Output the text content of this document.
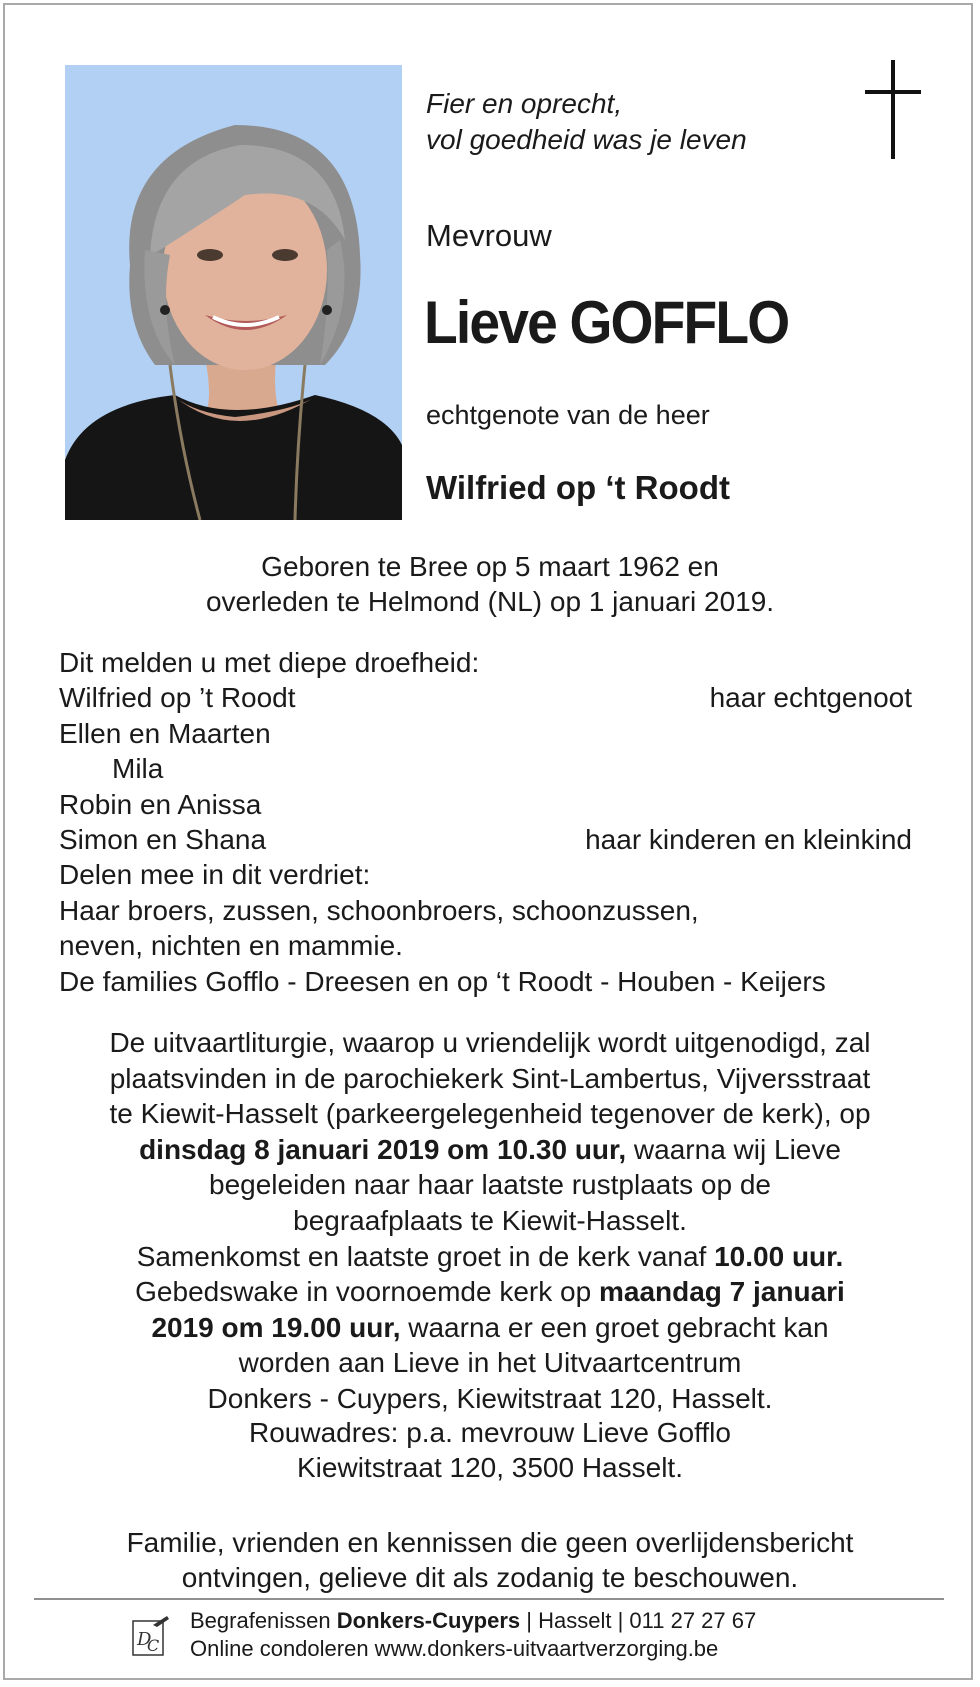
Fier en oprecht,
vol goedheid was je leven
Mevrouw
Lieve GOFFLO
echtgenote van de heer
Wilfried op ‘t Roodt
Geboren te Bree op 5 maart 1962 en
overleden te Helmond (NL) op 1 januari 2019.
Dit melden u met diepe droefheid:
Wilfried op ’t Roodt	haar echtgenoot
Ellen en Maarten
Mila
Robin en Anissa
Simon en Shana	haar kinderen en kleinkind
Delen mee in dit verdriet:
Haar broers, zussen, schoonbroers, schoonzussen,
neven, nichten en mammie.
De families Gofflo - Dreesen en op ‘t Roodt - Houben - Keijers
De uitvaartliturgie, waarop u vriendelijk wordt uitgenodigd, zal
plaatsvinden in de parochiekerk Sint-Lambertus, Vijversstraat
te Kiewit-Hasselt (parkeergelegenheid tegenover de kerk), op
dinsdag 8 januari 2019 om 10.30 uur, waarna wij Lieve
begeleiden naar haar laatste rustplaats op de
begraafplaats te Kiewit-Hasselt.
Samenkomst en laatste groet in de kerk vanaf 10.00 uur.
Gebedswake in voornoemde kerk op maandag 7 januari
2019 om 19.00 uur, waarna er een groet gebracht kan
worden aan Lieve in het Uitvaartcentrum
Donkers - Cuypers, Kiewitstraat 120, Hasselt.
Rouwadres: p.a. mevrouw Lieve Gofflo
Kiewitstraat 120, 3500 Hasselt.
Familie, vrienden en kennissen die geen overlijdensbericht
ontvingen, gelieve dit als zodanig te beschouwen.
D
C
Begrafenissen Donkers-Cuypers | Hasselt | 011 27 27 67
Online condoleren www.donkers-uitvaartverzorging.be
